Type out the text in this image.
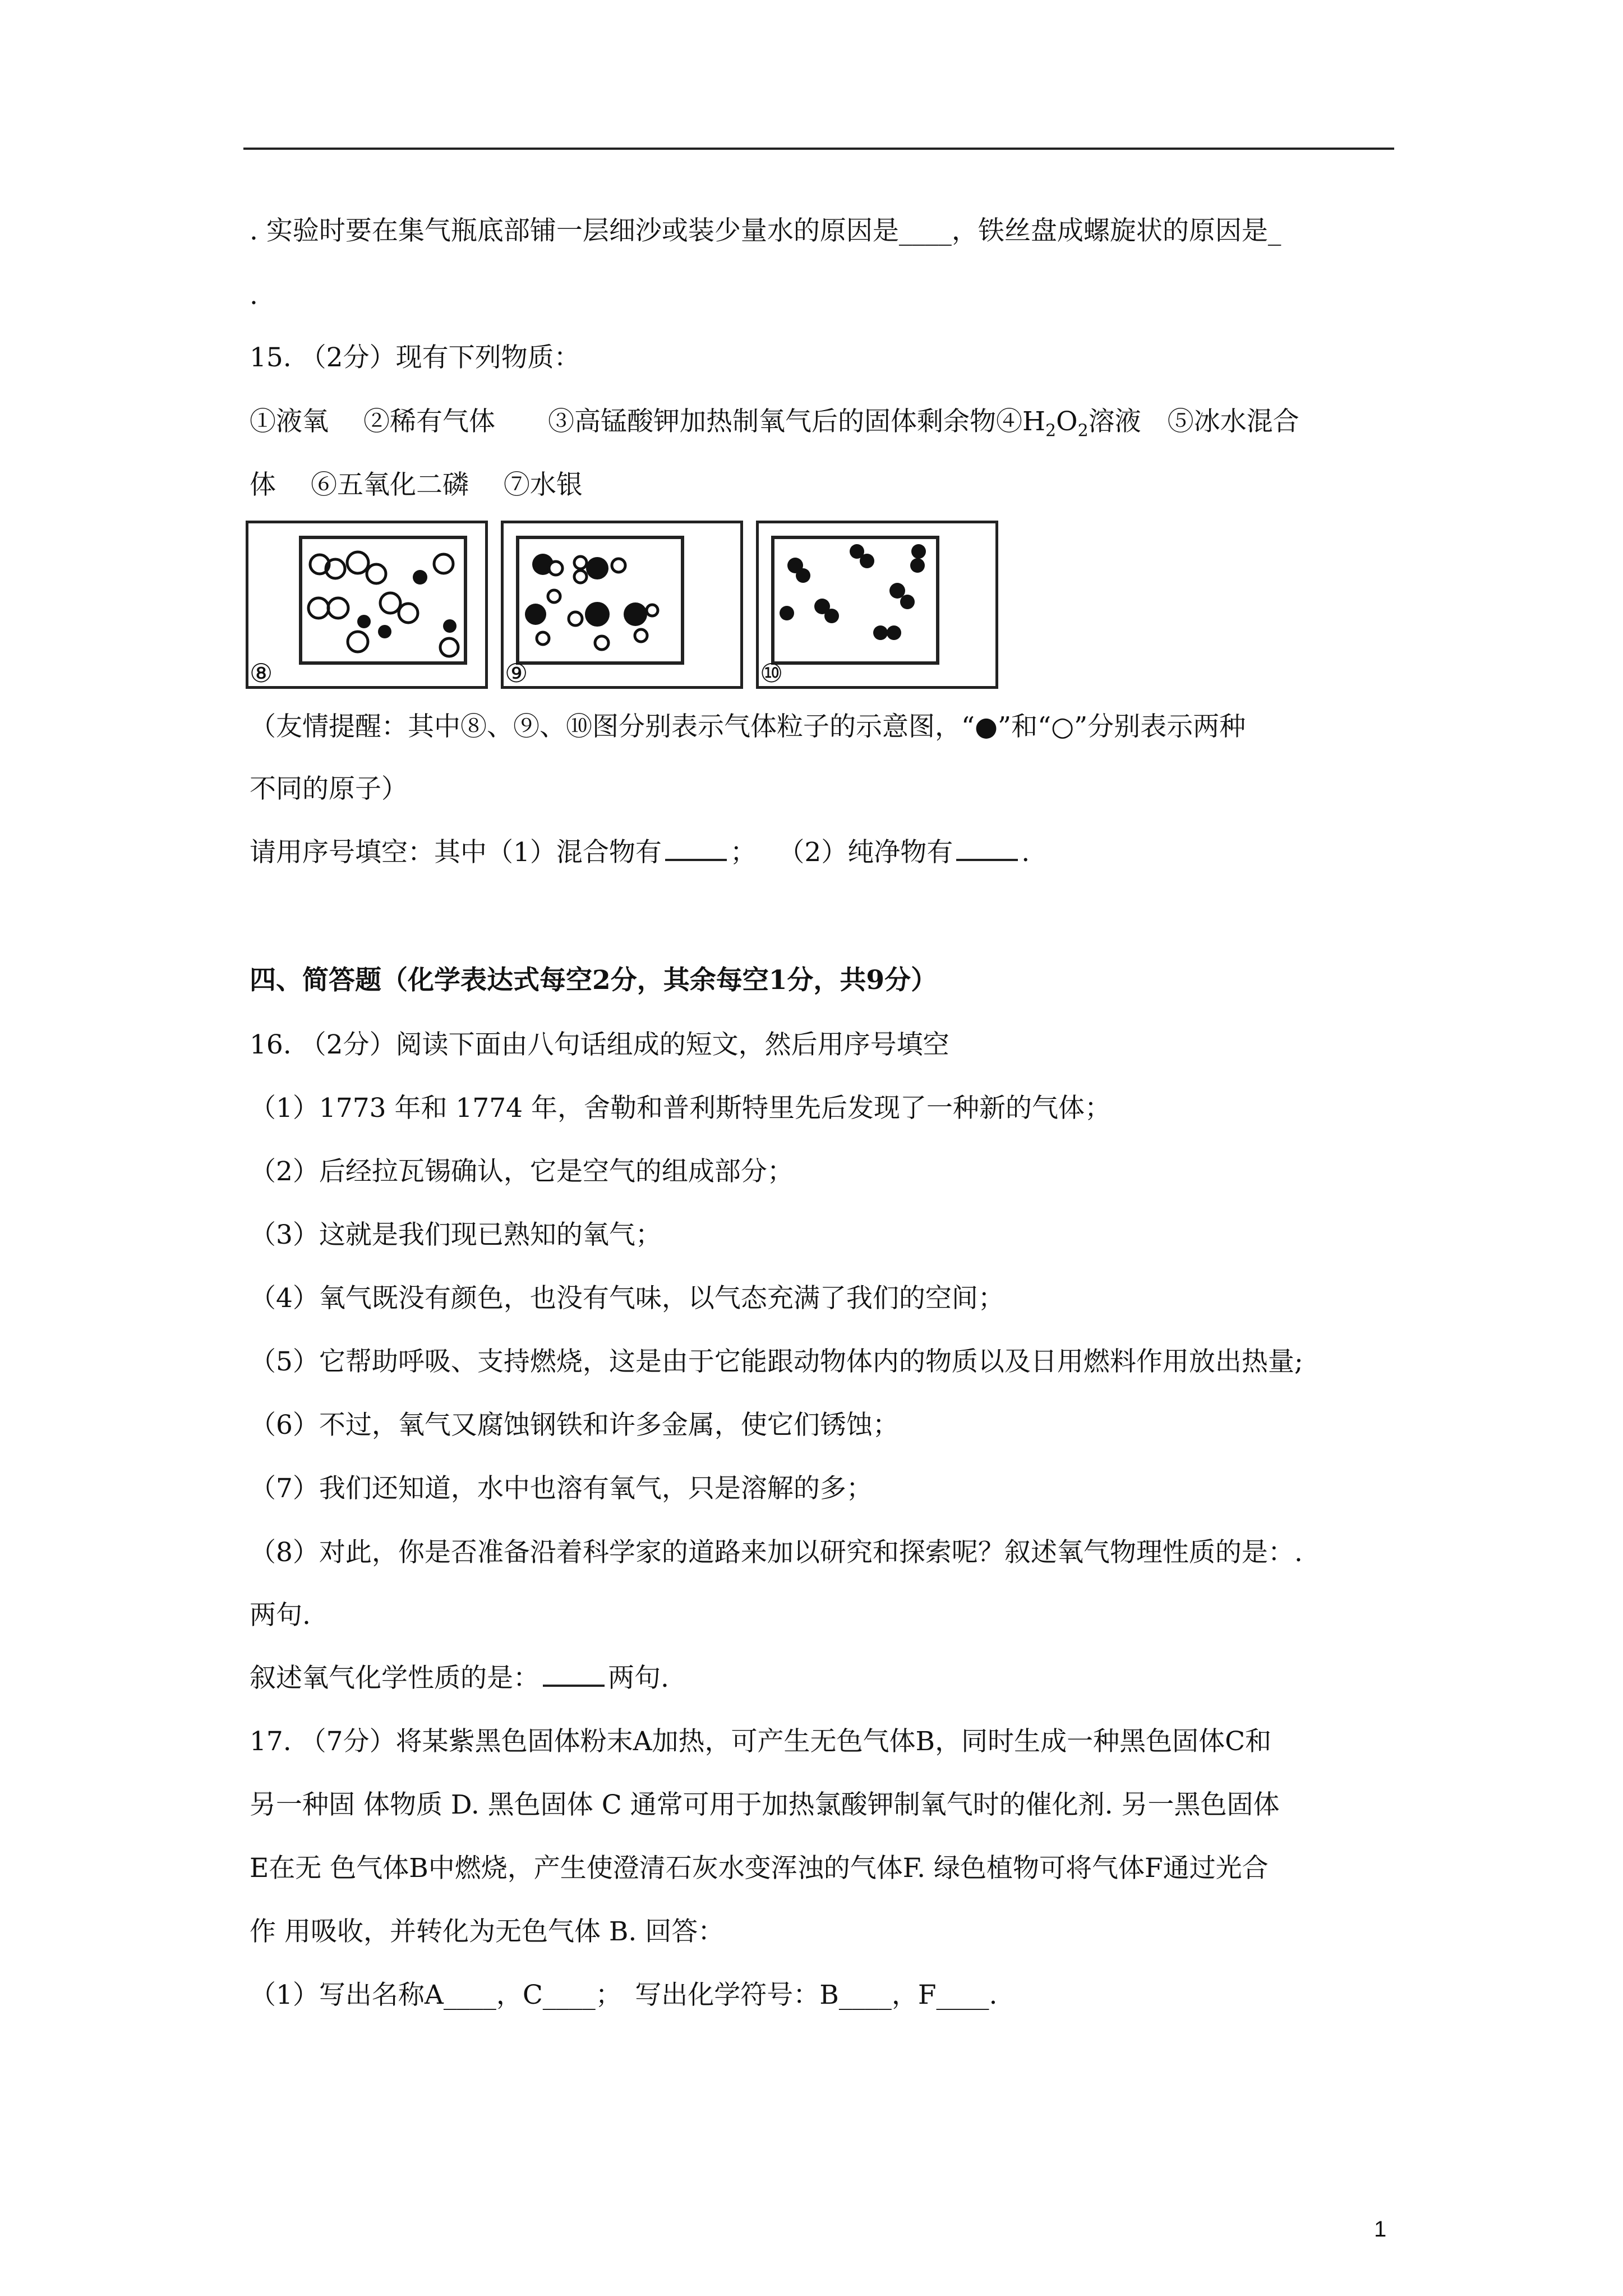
. 实验时要在集气瓶底部铺一层细沙或装少量水的原因是____，铁丝盘成螺旋状的原因是_
.
15. （2分）现有下列物质：
①液氧　 ②稀有气体　　③高锰酸钾加热制氧气后的固体剩余物$④H_2O_2$溶液　⑤冰水混合
体　 ⑥五氧化二磷　 ⑦水银
⑧	⑨	⑩
（友情提醒：其中⑧、⑨、⑩图分别表示气体粒子的示意图，“●”和“○”分别表示两种
不同的原子）
请用序号填空：其中（1）混合物有	；　 （2）纯净物有	.
四、简答题（化学表达式每空2分，其余每空1分，共9分）
16. （2分）阅读下面由八句话组成的短文，然后用序号填空
（1）1773 年和 1774 年，舍勒和普利斯特里先后发现了一种新的气体；
（2）后经拉瓦锡确认，它是空气的组成部分；
（3）这就是我们现已熟知的氧气；
（4）氧气既没有颜色，也没有气味，以气态充满了我们的空间；
（5）它帮助呼吸、支持燃烧，这是由于它能跟动物体内的物质以及日用燃料作用放出热量;
（6）不过，氧气又腐蚀钢铁和许多金属，使它们锈蚀；
（7）我们还知道，水中也溶有氧气，只是溶解的多；
（8）对此，你是否准备沿着科学家的道路来加以研究和探索呢？叙述氧气物理性质的是：.
两句.
叙述氧气化学性质的是：	两句.
17. （7分）将某紫黑色固体粉末A加热，可产生无色气体B，同时生成一种黑色固体C和
另一种固 体物质 D. 黑色固体 C 通常可用于加热氯酸钾制氧气时的催化剂. 另一黑色固体
E在无 色气体B中燃烧，产生使澄清石灰水变浑浊的气体F. 绿色植物可将气体F通过光合
作 用吸收，并转化为无色气体 B. 回答：
（1）写出名称A____，C____；　写出化学符号：B____，F____.
1
